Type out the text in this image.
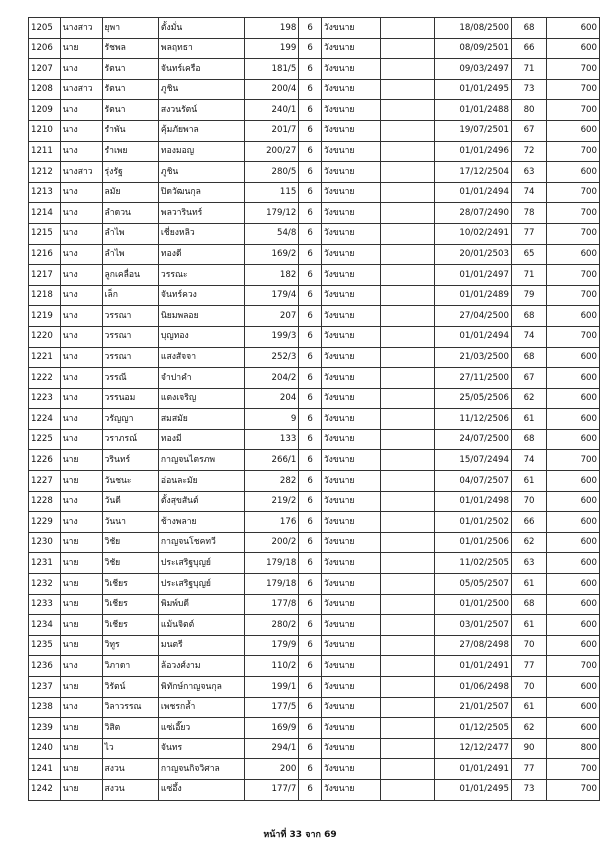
1205	นางสาว	ยุพา	ตั้งมั่น	198	6	วังขนาย		18/08/2500	68	600
1206	นาย	รัชพล	พลฤทธา	199	6	วังขนาย		08/09/2501	66	600
1207	นาง	รัตนา	จันทร์เครือ	181/5	6	วังขนาย		09/03/2497	71	700
1208	นางสาว	รัตนา	ภูชิน	200/4	6	วังขนาย		01/01/2495	73	700
1209	นาง	รัตนา	สงวนรัตน์	240/1	6	วังขนาย		01/01/2488	80	700
1210	นาง	รำพัน	คุ้มภัยพาล	201/7	6	วังขนาย		19/07/2501	67	600
1211	นาง	รำเพย	ทองมอญ	200/27	6	วังขนาย		01/01/2496	72	700
1212	นางสาว	รุ่งรัฐ	ภูชิน	280/5	6	วังขนาย		17/12/2504	63	600
1213	นาง	ลมัย	ปิดวัฒนกุล	115	6	วังขนาย		01/01/2494	74	700
1214	นาง	ลำดวน	พลวารินทร์	179/12	6	วังขนาย		28/07/2490	78	700
1215	นาง	ลำไพ	เชี่ยงหลิว	54/8	6	วังขนาย		10/02/2491	77	700
1216	นาง	ลำไพ	ทองดี	169/2	6	วังขนาย		20/01/2503	65	600
1217	นาง	ลูกเคลื่อน	วรรณะ	182	6	วังขนาย		01/01/2497	71	700
1218	นาง	เล็ก	จันทร์ควง	179/4	6	วังขนาย		01/01/2489	79	700
1219	นาง	วรรณา	นิยมพลอย	207	6	วังขนาย		27/04/2500	68	600
1220	นาง	วรรณา	บุญทอง	199/3	6	วังขนาย		01/01/2494	74	700
1221	นาง	วรรณา	แสงสัจจา	252/3	6	วังขนาย		21/03/2500	68	600
1222	นาง	วรรณี	จำปาคำ	204/2	6	วังขนาย		27/11/2500	67	600
1223	นาง	วรรนอม	แตงเจริญ	204	6	วังขนาย		25/05/2506	62	600
1224	นาง	วรัญญา	สมสมัย	9	6	วังขนาย		11/12/2506	61	600
1225	นาง	วราภรณ์	ทองมี	133	6	วังขนาย		24/07/2500	68	600
1226	นาย	วรินทร์	กาญจนไตรภพ	266/1	6	วังขนาย		15/07/2494	74	700
1227	นาย	วันชนะ	อ่อนละมัย	282	6	วังขนาย		04/07/2507	61	600
1228	นาง	วันดี	ตั้งสุขสันต์	219/2	6	วังขนาย		01/01/2498	70	600
1229	นาง	วันนา	ช้างพลาย	176	6	วังขนาย		01/01/2502	66	600
1230	นาย	วิชัย	กาญจนโชคทวี	200/2	6	วังขนาย		01/01/2506	62	600
1231	นาย	วิชัย	ประเสริฐบุญย์	179/18	6	วังขนาย		11/02/2505	63	600
1232	นาย	วิเชียร	ประเสริฐบุญย์	179/18	6	วังขนาย		05/05/2507	61	600
1233	นาย	วิเชียร	พิมพ์บดี	177/8	6	วังขนาย		01/01/2500	68	600
1234	นาย	วิเชียร	แม้นจิตต์	280/2	6	วังขนาย		03/01/2507	61	600
1235	นาย	วิทูร	มนตรี	179/9	6	วังขนาย		27/08/2498	70	600
1236	นาง	วิภาดา	ล้อวงศ์งาม	110/2	6	วังขนาย		01/01/2491	77	700
1237	นาย	วิรัตน์	พิทักษ์กาญจนกุล	199/1	6	วังขนาย		01/06/2498	70	600
1238	นาง	วิลาวรรณ	เพชรกล้ำ	177/5	6	วังขนาย		21/01/2507	61	600
1239	นาย	วิสิต	แซ่เอี๊ยว	169/9	6	วังขนาย		01/12/2505	62	600
1240	นาย	ไว	จันทร	294/1	6	วังขนาย		12/12/2477	90	800
1241	นาย	สงวน	กาญจนกิจวิศาล	200	6	วังขนาย		01/01/2491	77	700
1242	นาย	สงวน	แซ่อึ้ง	177/7	6	วังขนาย		01/01/2495	73	700
หน้าที่ 33 จาก 69
